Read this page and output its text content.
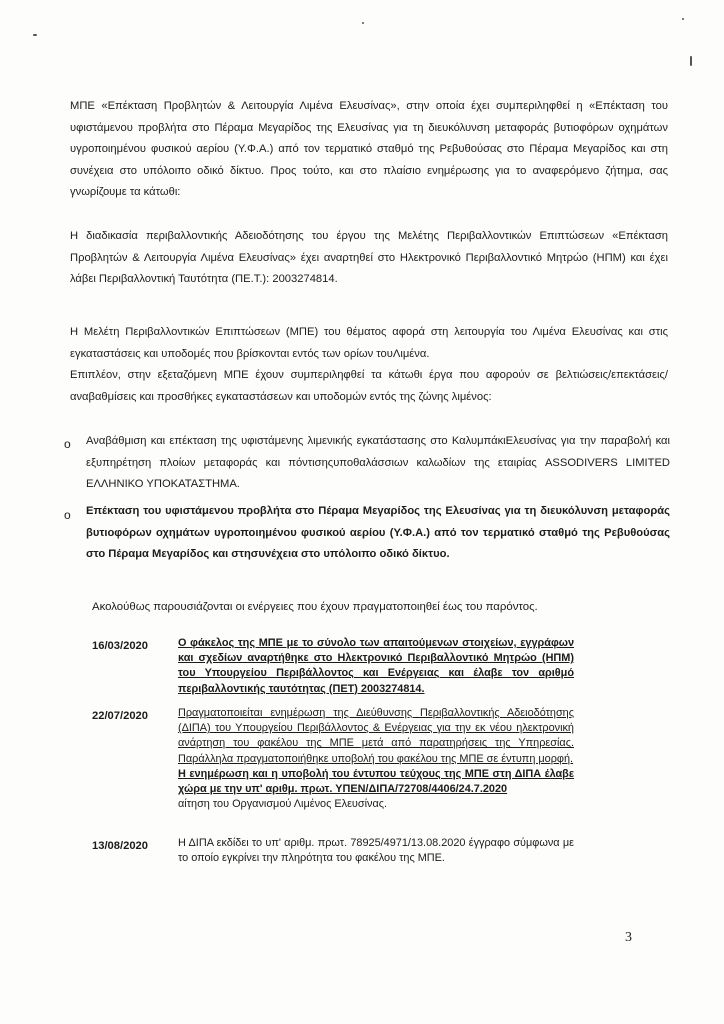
ΜΠΕ «Επέκταση Προβλητών & Λειτουργία Λιμένα Ελευσίνας», στην οποία έχει συμπεριληφθεί η «Επέκταση του υφιστάμενου προβλήτα στο Πέραμα Μεγαρίδος της Ελευσίνας για τη διευκόλυνση μεταφοράς βυτιοφόρων οχημάτων υγροποιημένου φυσικού αερίου (Υ.Φ.Α.) από τον τερματικό σταθμό της Ρεβυθούσας στο Πέραμα Μεγαρίδος και στη συνέχεια στο υπόλοιπο οδικό δίκτυο. Προς τούτο, και στο πλαίσιο ενημέρωσης για το αναφερόμενο ζήτημα, σας γνωρίζουμε τα κάτωθι:

Η διαδικασία περιβαλλοντικής Αδειοδότησης του έργου της Μελέτης Περιβαλλοντικών Επιπτώσεων «Επέκταση Προβλητών & Λειτουργία Λιμένα Ελευσίνας» έχει αναρτηθεί στο Ηλεκτρονικό Περιβαλλοντικό Μητρώο (ΗΠΜ) και έχει λάβει Περιβαλλοντική Ταυτότητα (ΠΕ.Τ.): 2003274814.

Η Μελέτη Περιβαλλοντικών Επιπτώσεων (ΜΠΕ) του θέματος αφορά στη λειτουργία του Λιμένα Ελευσίνας και στις εγκαταστάσεις και υποδομές που βρίσκονται εντός των ορίων τουΛιμένα.

Επιπλέον, στην εξεταζόμενη ΜΠΕ έχουν συμπεριληφθεί τα κάτωθι έργα που αφορούν σε βελτιώσεις/επεκτάσεις/αναβαθμίσεις και προσθήκες εγκαταστάσεων και υποδομών εντός της ζώνης λιμένος:

o Αναβάθμιση και επέκταση της υφιστάμενης λιμενικής εγκατάστασης στο ΚαλυμπάκιΕλευσίνας για την παραβολή και εξυπηρέτηση πλοίων μεταφοράς και πόντισηςυποθαλάσσιων καλωδίων της εταιρίας ASSODIVERS LIMITED ΕΛΛΗΝΙΚΟ ΥΠΟΚΑΤΑΣΤΗΜΑ.

o Επέκταση του υφιστάμενου προβλήτα στο Πέραμα Μεγαρίδος της Ελευσίνας για τη διευκόλυνση μεταφοράς βυτιοφόρων οχημάτων υγροποιημένου φυσικού αερίου (Υ.Φ.Α.) από τον τερματικό σταθμό της Ρεβυθούσας στο Πέραμα Μεγαρίδος και στησυνέχεια στο υπόλοιπο οδικό δίκτυο.

Ακολούθως παρουσιάζονται οι ενέργειες που έχουν πραγματοποιηθεί έως του παρόντος.

16/03/2020	Ο φάκελος της ΜΠΕ με το σύνολο των απαιτούμενων στοιχείων, εγγράφων και σχεδίων αναρτήθηκε στο Ηλεκτρονικό Περιβαλλοντικό Μητρώο (ΗΠΜ) του Υπουργείου Περιβάλλοντος και Ενέργειας και έλαβε τον αριθμό περιβαλλοντικής ταυτότητας (ΠΕΤ) 2003274814.

22/07/2020	Πραγματοποιείται ενημέρωση της Διεύθυνσης Περιβαλλοντικής Αδειοδότησης (ΔΙΠΑ) του Υπουργείου Περιβάλλοντος & Ενέργειας για την εκ νέου ηλεκτρονική ανάρτηση του φακέλου της ΜΠΕ μετά από παρατηρήσεις της Υπηρεσίας. Παράλληλα πραγματοποιήθηκε υποβολή του φακέλου της ΜΠΕ σε έντυπη μορφή.
Η ενημέρωση και η υποβολή του έντυπου τεύχους της ΜΠΕ στη ΔΙΠΑ έλαβε χώρα με την υπ' αριθμ. πρωτ. ΥΠΕΝ/ΔΙΠΑ/72708/4406/24.7.2020
αίτηση του Οργανισμού Λιμένος Ελευσίνας.

13/08/2020	Η ΔΙΠΑ εκδίδει το υπ' αριθμ. πρωτ. 78925/4971/13.08.2020 έγγραφο σύμφωνα με το οποίο εγκρίνει την πληρότητα του φακέλου της ΜΠΕ.

3
